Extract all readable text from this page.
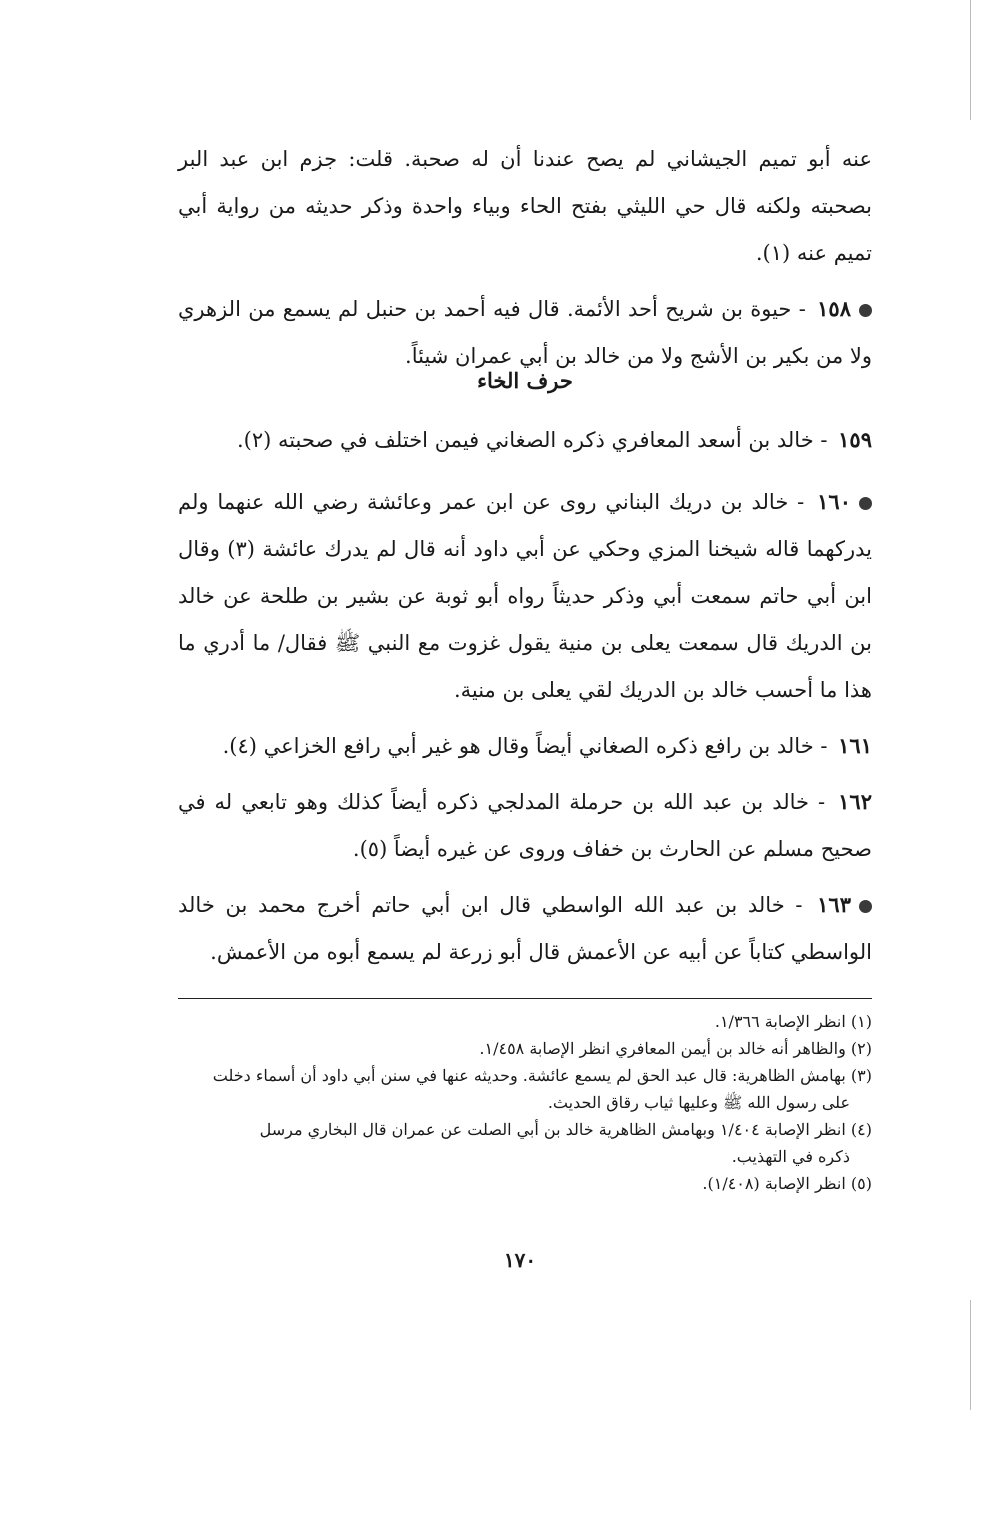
عنه أبو تميم الجيشاني لم يصح عندنا أن له صحبة. قلت: جزم ابن عبد البر بصحبته ولكنه قال حي الليثي بفتح الحاء وبياء واحدة وذكر حديثه من رواية أبي تميم عنه (١).

١٥٨ - حيوة بن شريح أحد الأئمة. قال فيه أحمد بن حنبل لم يسمع من الزهري ولا من بكير بن الأشج ولا من خالد بن أبي عمران شيئاً.

حرف الخاء

١٥٩ - خالد بن أسعد المعافري ذكره الصغاني فيمن اختلف في صحبته (٢).

١٦٠ - خالد بن دريك البناني روى عن ابن عمر وعائشة رضي الله عنهما ولم يدركهما قاله شيخنا المزي وحكي عن أبي داود أنه قال لم يدرك عائشة (٣) وقال ابن أبي حاتم سمعت أبي وذكر حديثاً رواه أبو ثوبة عن بشير بن طلحة عن خالد بن الدريك قال سمعت يعلى بن منية يقول غزوت مع النبي ﷺ فقال/ ما أدري ما هذا ما أحسب خالد بن الدريك لقي يعلى بن منية.

١٦١ - خالد بن رافع ذكره الصغاني أيضاً وقال هو غير أبي رافع الخزاعي (٤).

١٦٢ - خالد بن عبد الله بن حرملة المدلجي ذكره أيضاً كذلك وهو تابعي له في صحيح مسلم عن الحارث بن خفاف وروى عن غيره أيضاً (٥).

١٦٣ - خالد بن عبد الله الواسطي قال ابن أبي حاتم أخرج محمد بن خالد الواسطي كتاباً عن أبيه عن الأعمش قال أبو زرعة لم يسمع أبوه من الأعمش.

(١) انظر الإصابة ١/٣٦٦.

(٢) والظاهر أنه خالد بن أيمن المعافري انظر الإصابة ١/٤٥٨.

(٣) بهامش الظاهرية: قال عبد الحق لم يسمع عائشة. وحديثه عنها في سنن أبي داود أن أسماء دخلت
على رسول الله ﷺ وعليها ثياب رقاق الحديث.

(٤) انظر الإصابة ١/٤٠٤ وبهامش الظاهرية خالد بن أبي الصلت عن عمران قال البخاري مرسل
ذكره في التهذيب.

(٥) انظر الإصابة (١/٤٠٨).

١٧٠
